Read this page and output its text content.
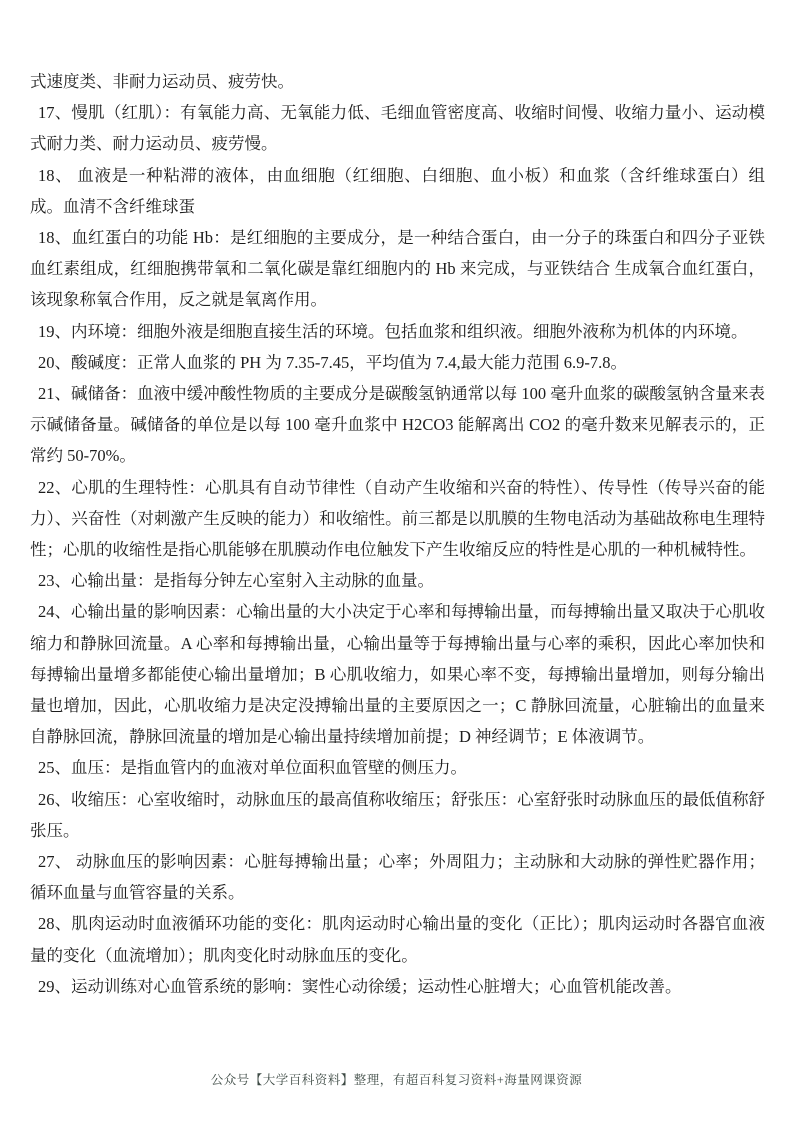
式速度类、非耐力运动员、疲劳快。

17、慢肌（红肌）：有氧能力高、无氧能力低、毛细血管密度高、收缩时间慢、收缩力量小、运动模式耐力类、耐力运动员、疲劳慢。

18、 血液是一种粘滞的液体，由血细胞（红细胞、白细胞、血小板）和血浆（含纤维球蛋白）组成。血清不含纤维球蛋

18、血红蛋白的功能 Hb：是红细胞的主要成分，是一种结合蛋白，由一分子的珠蛋白和四分子亚铁血红素组成，红细胞携带氧和二氧化碳是靠红细胞内的 Hb 来完成，与亚铁结合 生成氧合血红蛋白，该现象称氧合作用，反之就是氧离作用。

19、内环境：细胞外液是细胞直接生活的环境。包括血浆和组织液。细胞外液称为机体的内环境。

20、酸碱度：正常人血浆的 PH 为 7.35-7.45，平均值为 7.4,最大能力范围 6.9-7.8。

21、碱储备：血液中缓冲酸性物质的主要成分是碳酸氢钠通常以每 100 毫升血浆的碳酸氢钠含量来表示碱储备量。碱储备的单位是以每 100 毫升血浆中 H2CO3 能解离出 CO2 的毫升数来见解表示的，正常约 50-70%。

22、心肌的生理特性：心肌具有自动节律性（自动产生收缩和兴奋的特性）、传导性（传导兴奋的能力）、兴奋性（对刺激产生反映的能力）和收缩性。前三都是以肌膜的生物电活动为基础故称电生理特性；心肌的收缩性是指心肌能够在肌膜动作电位触发下产生收缩反应的特性是心肌的一种机械特性。

23、心输出量：是指每分钟左心室射入主动脉的血量。

24、心输出量的影响因素：心输出量的大小决定于心率和每搏输出量，而每搏输出量又取决于心肌收缩力和静脉回流量。A 心率和每搏输出量，心输出量等于每搏输出量与心率的乘积，因此心率加快和每搏输出量增多都能使心输出量增加；B 心肌收缩力，如果心率不变，每搏输出量增加，则每分输出量也增加，因此，心肌收缩力是决定没搏输出量的主要原因之一；C 静脉回流量，心脏输出的血量来自静脉回流，静脉回流量的增加是心输出量持续增加前提；D 神经调节；E 体液调节。

25、血压：是指血管内的血液对单位面积血管壁的侧压力。

26、收缩压：心室收缩时，动脉血压的最高值称收缩压；舒张压：心室舒张时动脉血压的最低值称舒张压。

27、 动脉血压的影响因素：心脏每搏输出量；心率；外周阻力；主动脉和大动脉的弹性贮器作用；循环血量与血管容量的关系。

28、肌肉运动时血液循环功能的变化：肌肉运动时心输出量的变化（正比）；肌肉运动时各器官血液量的变化（血流增加）；肌肉变化时动脉血压的变化。

29、运动训练对心血管系统的影响：窦性心动徐缓；运动性心脏增大；心血管机能改善。

公众号【大学百科资料】整理，有超百科复习资料+海量网课资源
